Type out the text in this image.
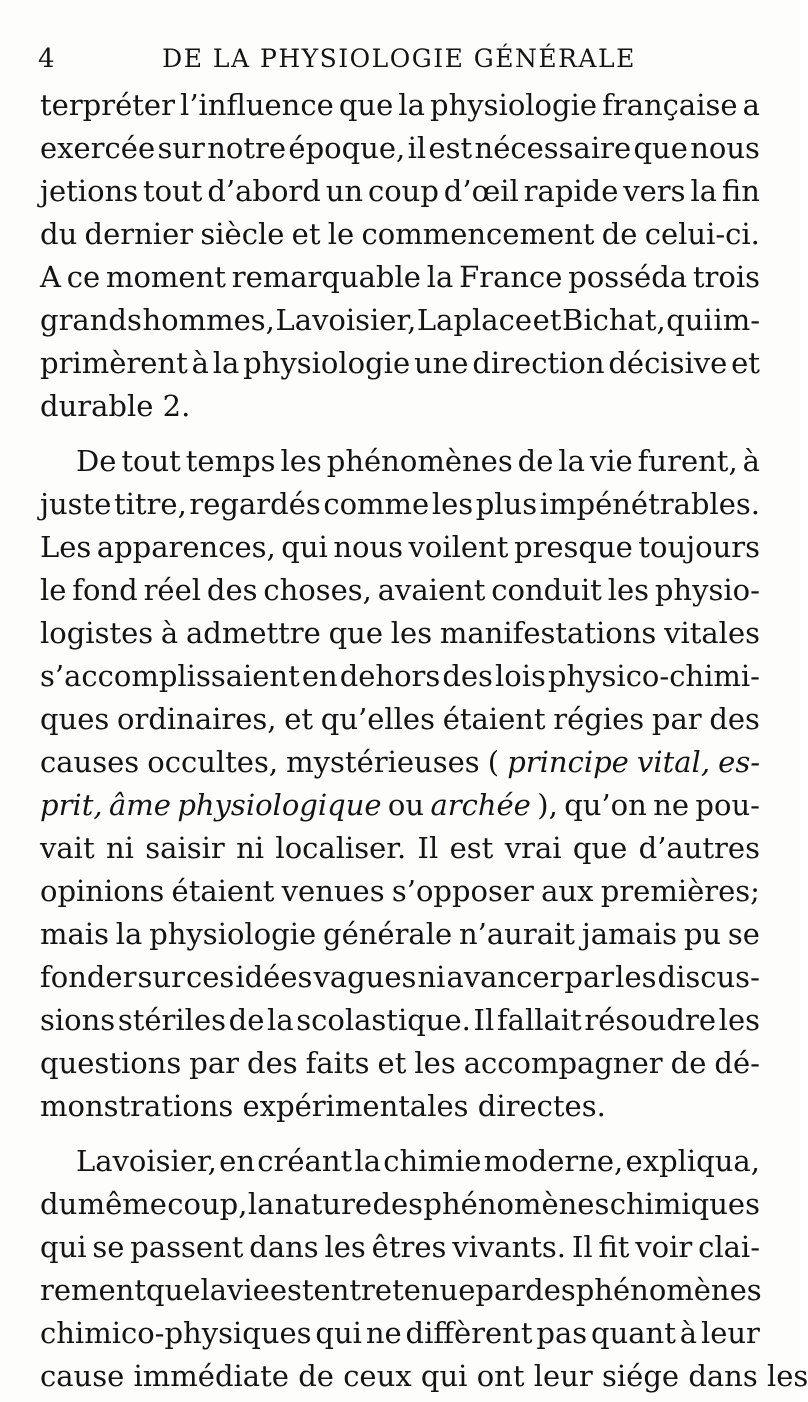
4	DE LA PHYSIOLOGIE GÉNÉRALE
terpréter l’influence que la physiologie française a
exercée sur notre époque, il est nécessaire que nous
jetions tout d’abord un coup d’œil rapide vers la fin
du dernier siècle et le commencement de celui-ci.
A ce moment remarquable la France posséda trois
grands hommes, Lavoisier, Laplace et Bichat, qui im-
primèrent à la physiologie une direction décisive et
durable 2.
De tout temps les phénomènes de la vie furent, à
juste titre, regardés comme les plus impénétrables.
Les apparences, qui nous voilent presque toujours
le fond réel des choses, avaient conduit les physio-
logistes à admettre que les manifestations vitales
s’accomplissaient en dehors des lois physico-chimi-
ques ordinaires, et qu’elles étaient régies par des
causes occultes, mystérieuses ( principe vital, es-
prit, âme physiologique ou archée ), qu’on ne pou-
vait ni saisir ni localiser. Il est vrai que d’autres
opinions étaient venues s’opposer aux premières;
mais la physiologie générale n’aurait jamais pu se
fonder sur ces idées vagues ni avancer par les discus-
sions stériles de la scolastique. Il fallait résoudre les
questions par des faits et les accompagner de dé-
monstrations expérimentales directes.
Lavoisier, en créant la chimie moderne, expliqua,
du même coup, la nature des phénomènes chimiques
qui se passent dans les êtres vivants. Il fit voir clai-
rement que la vie est entretenue par des phénomènes
chimico-physiques qui ne diffèrent pas quant à leur
cause immédiate de ceux qui ont leur siége dans les
